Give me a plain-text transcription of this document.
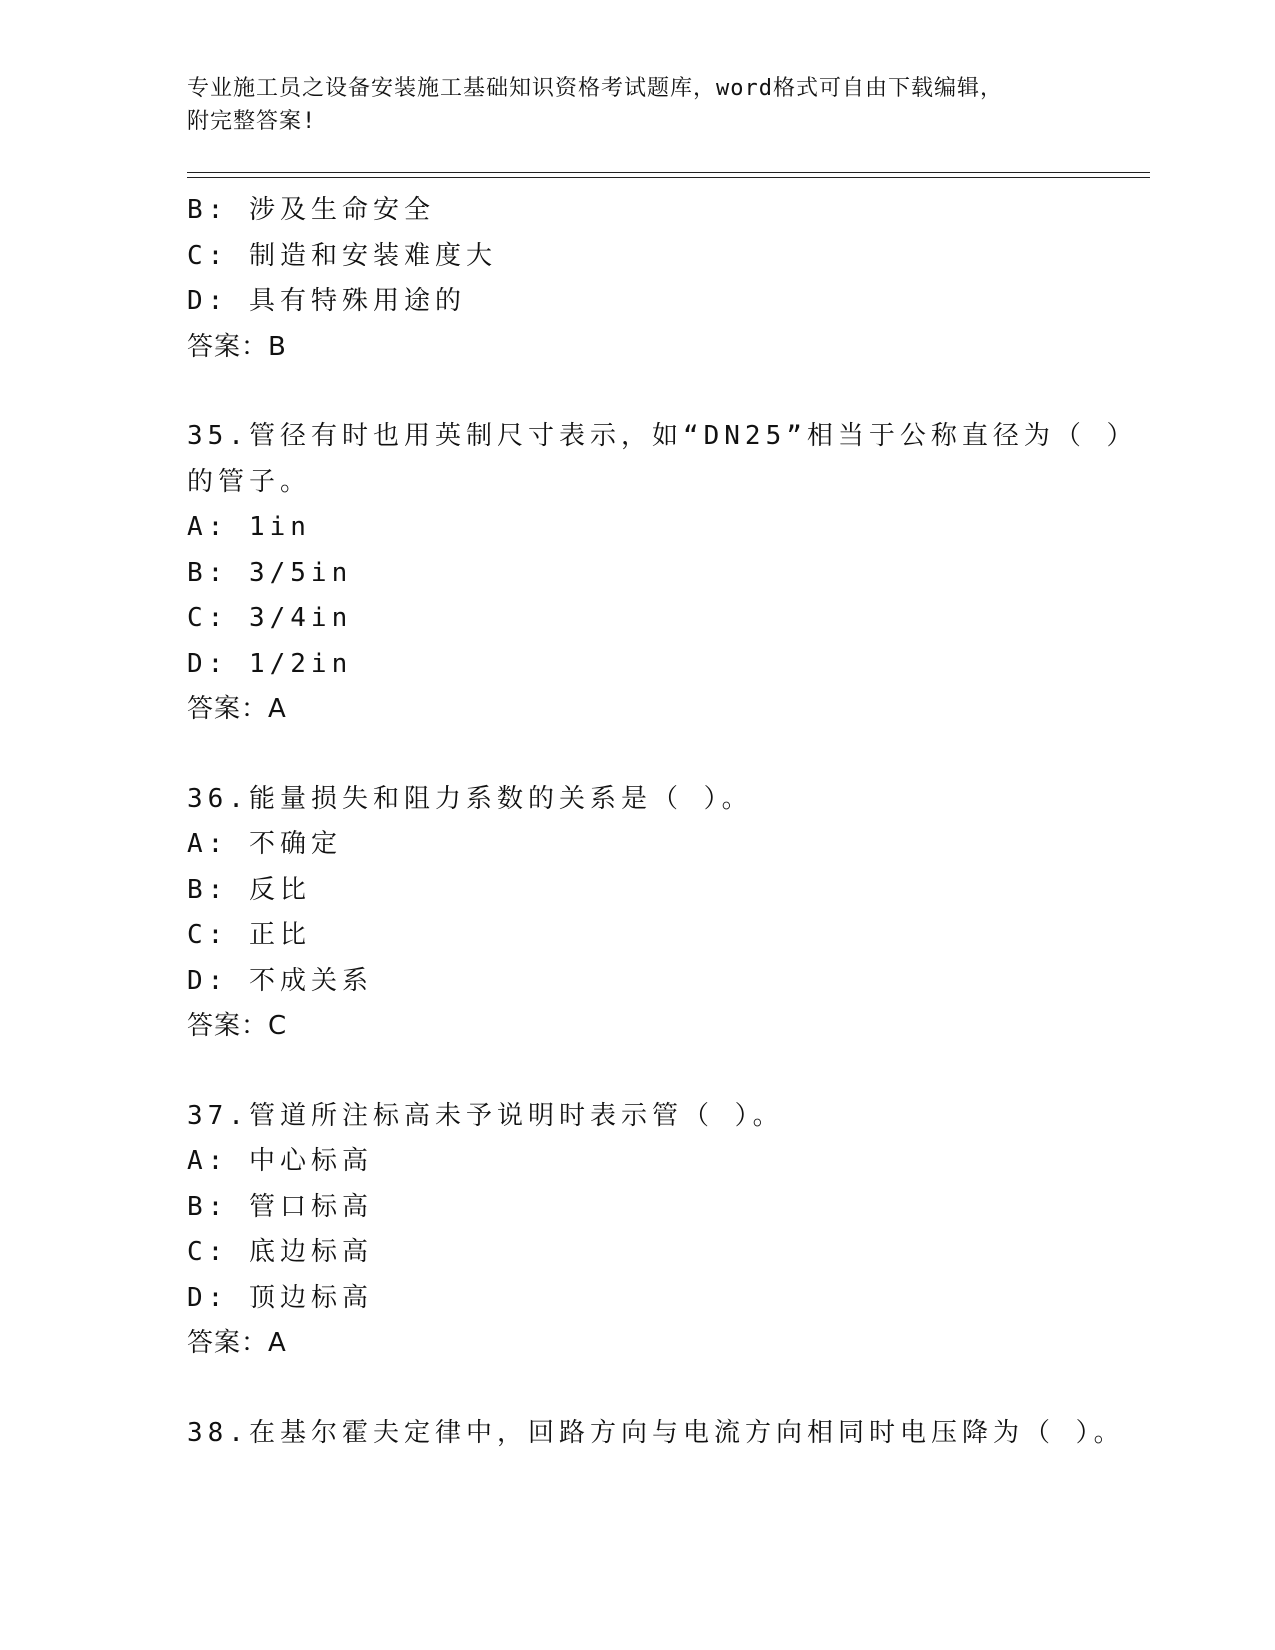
专业施工员之设备安装施工基础知识资格考试题库，word格式可自由下载编辑，
附完整答案!
B: 涉及生命安全
C: 制造和安装难度大
D: 具有特殊用途的
答案：B
35.管径有时也用英制尺寸表示，如“DN25”相当于公称直径为（ ）
的管子。
A: 1in
B: 3/5in
C: 3/4in
D: 1/2in
答案：A
36.能量损失和阻力系数的关系是（ ）。
A: 不确定
B: 反比
C: 正比
D: 不成关系
答案：C
37.管道所注标高未予说明时表示管（ ）。
A: 中心标高
B: 管口标高
C: 底边标高
D: 顶边标高
答案：A
38.在基尔霍夫定律中，回路方向与电流方向相同时电压降为（ ）。
